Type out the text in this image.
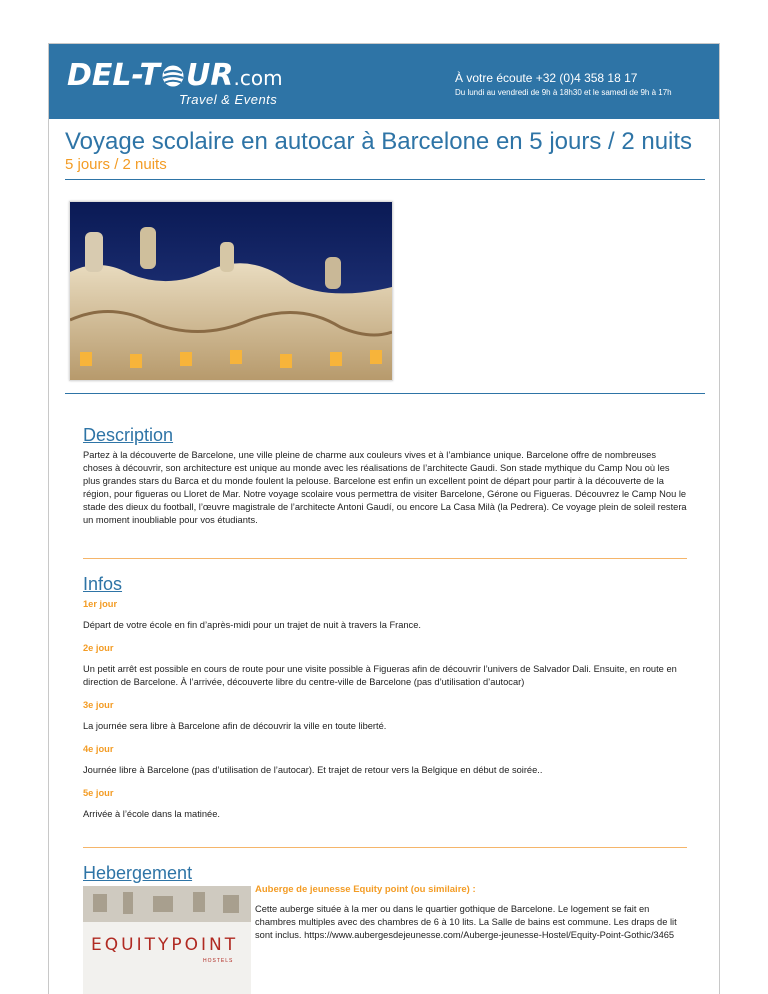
DEL-T UR.com
Travel & Events
À votre écoute +32 (0)4 358 18 17
Du lundi au vendredi de 9h à 18h30 et le samedi de 9h à 17h
Voyage scolaire en autocar à Barcelone en 5 jours / 2 nuits

5 jours / 2 nuits

Description

Partez à la découverte de Barcelone, une ville pleine de charme aux couleurs vives et à l’ambiance unique. Barcelone offre de nombreuses choses à découvrir, son architecture est unique au monde avec les réalisations de l’architecte Gaudi. Son stade mythique du Camp Nou où les plus grandes stars du Barca et du monde foulent la pelouse. Barcelone est enfin un excellent point de départ pour partir à la découverte de la région, pour figueras ou Lloret de Mar. Notre voyage scolaire vous permettra de visiter Barcelone, Gérone ou Figueras. Découvrez le Camp Nou le stade des dieux du football, l’œuvre magistrale de l’architecte Antoni Gaudí, ou encore La Casa Milà (la Pedrera). Ce voyage plein de soleil restera un moment inoubliable pour vos étudiants.

Infos

1er jour

Départ de votre école en fin d’après-midi pour un trajet de nuit à travers la France.

2e jour

Un petit arrêt est possible en cours de route pour une visite possible à Figueras afin de découvrir l’univers de Salvador Dali. Ensuite, en route en direction de Barcelone. À l’arrivée, découverte libre du centre-ville de Barcelone (pas d’utilisation d’autocar)

3e jour

La journée sera libre à Barcelone afin de découvrir la ville en toute liberté.

4e jour

Journée libre à Barcelone (pas d’utilisation de l’autocar). Et trajet de retour vers la Belgique en début de soirée..

5e jour

Arrivée à l’école dans la matinée.

Hebergement
EQUITYPOINT
HOSTELS

Auberge de jeunesse Equity point (ou similaire) :

Cette auberge située à la mer ou dans le quartier gothique de Barcelone. Le logement se fait en chambres multiples avec des chambres de 6 à 10 lits. La Salle de bains est commune. Les draps de lit sont inclus. https://www.aubergesdejeunesse.com/Auberge-jeunesse-Hostel/Equity-Point-Gothic/3465
